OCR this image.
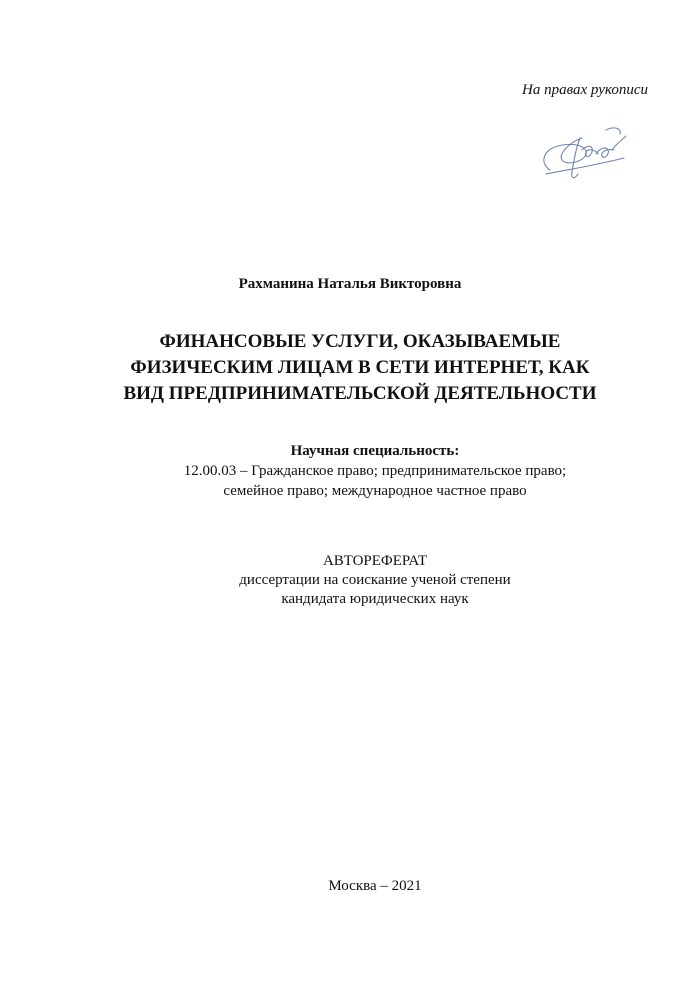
На правах рукописи
Рахманина Наталья Викторовна
ФИНАНСОВЫЕ УСЛУГИ, ОКАЗЫВАЕМЫЕ
ФИЗИЧЕСКИМ ЛИЦАМ В СЕТИ ИНТЕРНЕТ, КАК
ВИД ПРЕДПРИНИМАТЕЛЬСКОЙ ДЕЯТЕЛЬНОСТИ
Научная специальность:
12.00.03 – Гражданское право; предпринимательское право;
семейное право; международное частное право
АВТОРЕФЕРАТ
диссертации на соискание ученой степени
кандидата юридических наук
Москва – 2021
